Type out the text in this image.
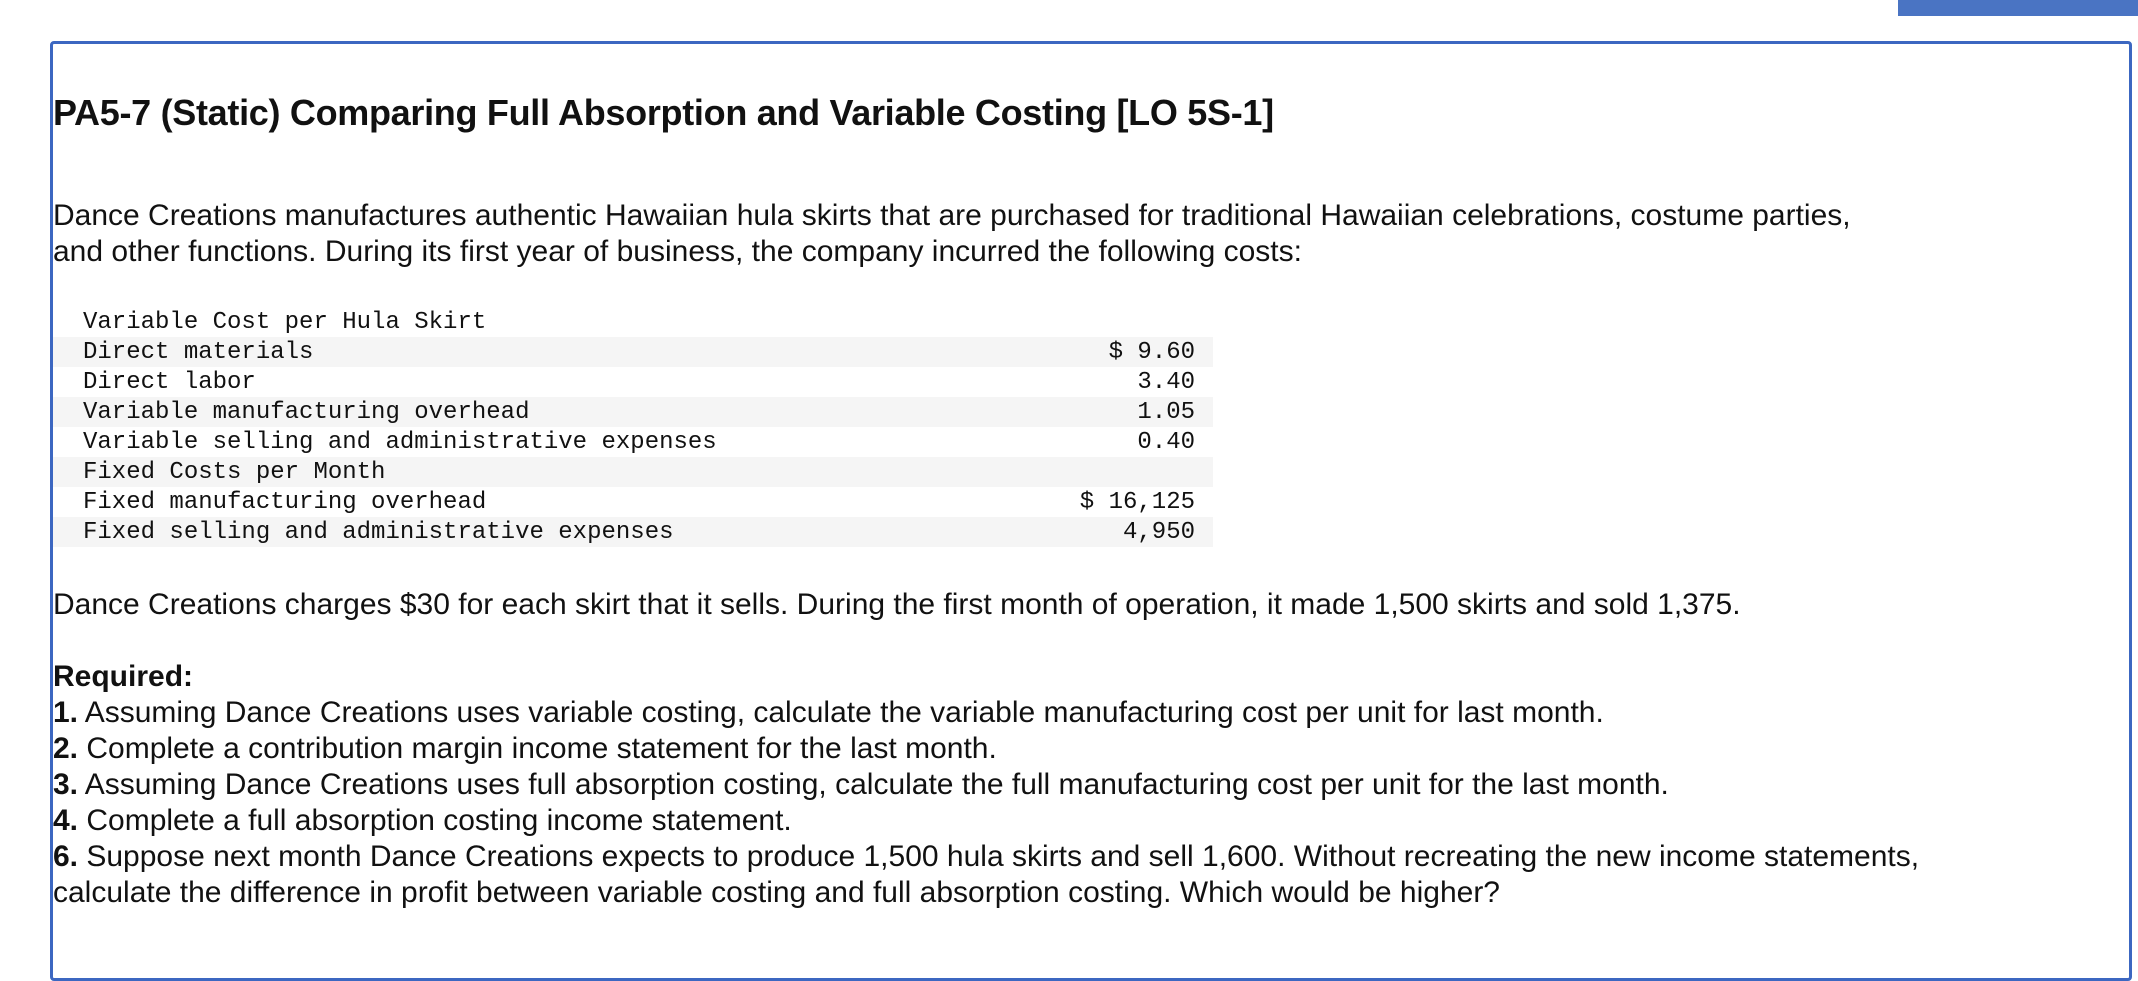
PA5-7 (Static) Comparing Full Absorption and Variable Costing [LO 5S-1]
Dance Creations manufactures authentic Hawaiian hula skirts that are purchased for traditional Hawaiian celebrations, costume parties, and other functions. During its first year of business, the company incurred the following costs:
Variable Cost per Hula Skirt	
Direct materials	$ 9.60
Direct labor	3.40
Variable manufacturing overhead	1.05
Variable selling and administrative expenses	0.40
Fixed Costs per Month	
Fixed manufacturing overhead	$ 16,125
Fixed selling and administrative expenses	4,950
Dance Creations charges $30 for each skirt that it sells. During the first month of operation, it made 1,500 skirts and sold 1,375.
Required:
1. Assuming Dance Creations uses variable costing, calculate the variable manufacturing cost per unit for last month.
2. Complete a contribution margin income statement for the last month.
3. Assuming Dance Creations uses full absorption costing, calculate the full manufacturing cost per unit for the last month.
4. Complete a full absorption costing income statement.
6. Suppose next month Dance Creations expects to produce 1,500 hula skirts and sell 1,600. Without recreating the new income statements, calculate the difference in profit between variable costing and full absorption costing. Which would be higher?
